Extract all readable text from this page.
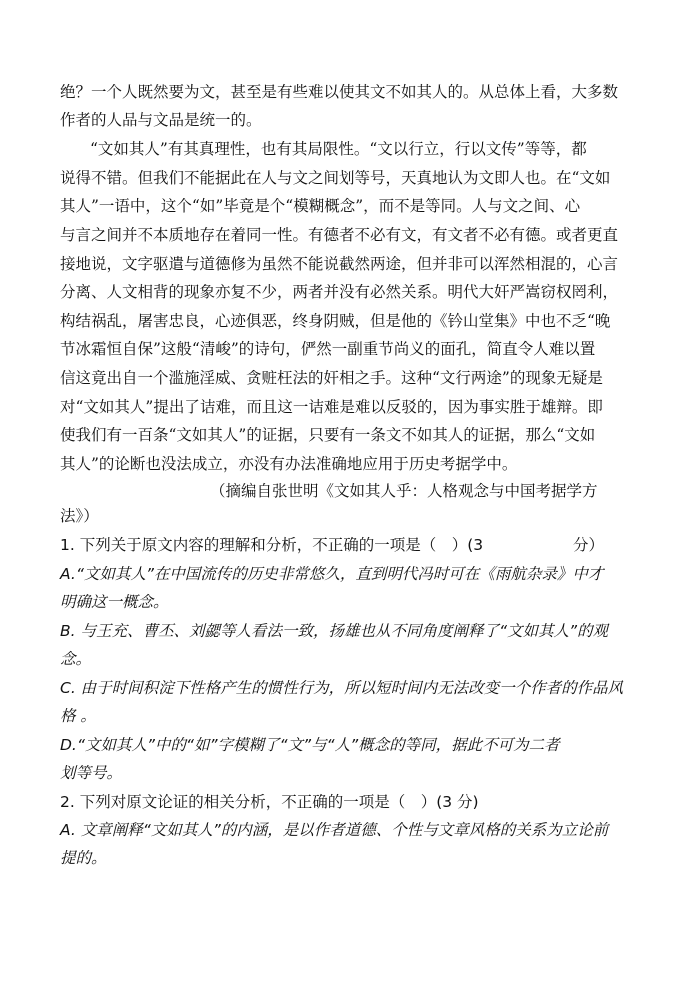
绝？一个人既然要为文，甚至是有些难以使其文不如其人的。从总体上看，大多数
作者的人品与文品是统一的。
“文如其人”有其真理性，也有其局限性。“文以行立，行以文传”等等，都
说得不错。但我们不能据此在人与文之间划等号，天真地认为文即人也。在“文如
其人”一语中，这个“如”毕竟是个“模糊概念”，而不是等同。人与文之间、心
与言之间并不本质地存在着同一性。有德者不必有文，有文者不必有德。或者更直
接地说，文字驱遣与道德修为虽然不能说截然两途，但并非可以浑然相混的，心言
分离、人文相背的现象亦复不少，两者并没有必然关系。明代大奸严嵩窃权罔利，
构结祸乱，屠害忠良，心迹俱恶，终身阴贼，但是他的《钤山堂集》中也不乏“晚
节冰霜恒自保”这般“清峻”的诗句，俨然一副重节尚义的面孔，简直令人难以置
信这竟出自一个滥施淫威、贪赃枉法的奸相之手。这种“文行两途”的现象无疑是
对“文如其人”提出了诘难，而且这一诘难是难以反驳的，因为事实胜于雄辩。即
使我们有一百条“文如其人”的证据，只要有一条文不如其人的证据，那么“文如
其人”的论断也没法成立，亦没有办法准确地应用于历史考据学中。
（摘编自张世明《文如其人乎：人格观念与中国考据学方
法》）
1. 下列关于原文内容的理解和分析，不正确的一项是（　）(3	分）
A.“文如其人”在中国流传的历史非常悠久，直到明代冯时可在《雨航杂录》中才
明确这一概念。
B. 与王充、曹丕、刘勰等人看法一致，扬雄也从不同角度阐释了“文如其人”的观
念。
C. 由于时间积淀下性格产生的惯性行为，所以短时间内无法改变一个作者的作品风
格 。
D.“文如其人”中的“如”字模糊了“文”与“人”概念的等同，据此不可为二者
划等号。
2. 下列对原文论证的相关分析，不正确的一项是（　）(3 分)
A. 文章阐释“文如其人”的内涵，是以作者道德、个性与文章风格的关系为立论前
提的。
